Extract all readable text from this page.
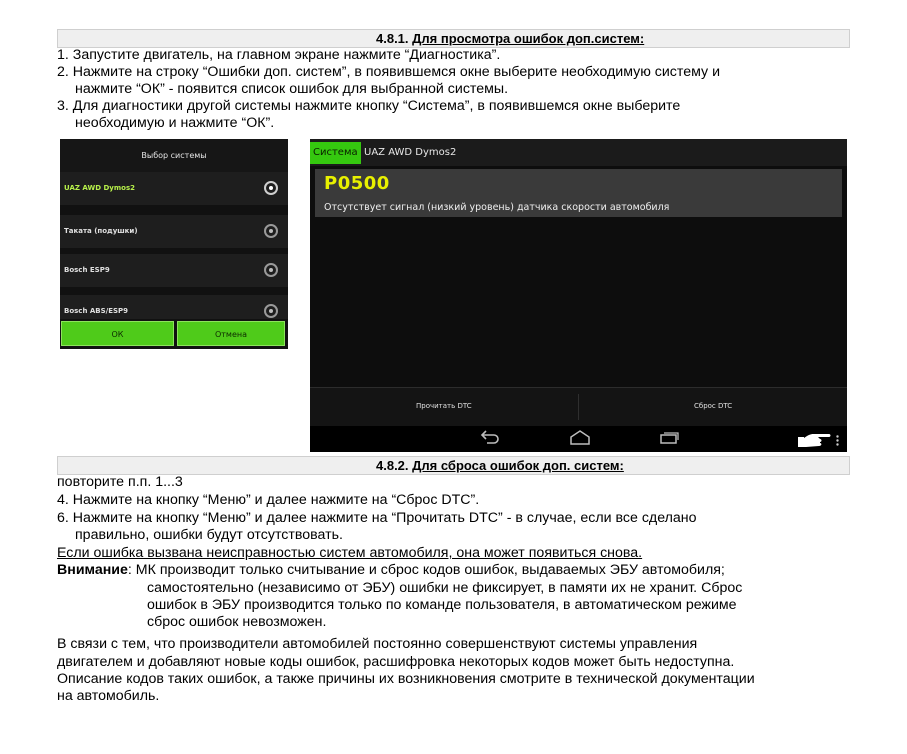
4.8.1. Для просмотра ошибок доп.систем:
1. Запустите двигатель, на главном экране нажмите “Диагностика”.
2. Нажмите на строку “Ошибки доп. систем”, в появившемся окне выберите необходимую систему и
нажмите “ОК” - появится список ошибок для выбранной системы.
3. Для диагностики другой системы нажмите кнопку “Система”, в появившемся окне выберите
необходимую и нажмите “ОК”.
Выбор системы
UAZ AWD Dymos2
Таката (подушки)
Bosch ESP9
Bosch ABS/ESP9
ОК	Отмена
Система UAZ AWD Dymos2
P0500
Отсутствует сигнал (низкий уровень) датчика скорости автомобиля
Прочитать DTC	Сброс DTC
4.8.2. Для сброса ошибок доп. систем:
повторите п.п. 1...3
4. Нажмите на кнопку “Меню” и далее нажмите на “Сброс DTC”.
6. Нажмите на кнопку “Меню” и далее нажмите на “Прочитать DTC” - в случае, если все сделано
правильно, ошибки будут отсутствовать.
Если ошибка вызвана неисправностью систем автомобиля, она может появиться снова.
Внимание: МК производит только считывание и сброс кодов ошибок, выдаваемых ЭБУ автомобиля;
самостоятельно (независимо от ЭБУ) ошибки не фиксирует, в памяти их не хранит. Сброс
ошибок в ЭБУ производится только по команде пользователя, в автоматическом режиме
сброс ошибок невозможен.
В связи с тем, что производители автомобилей постоянно совершенствуют системы управления
двигателем и добавляют новые коды ошибок, расшифровка некоторых кодов может быть недоступна.
Описание кодов таких ошибок, а также причины их возникновения смотрите в технической документации
на автомобиль.
